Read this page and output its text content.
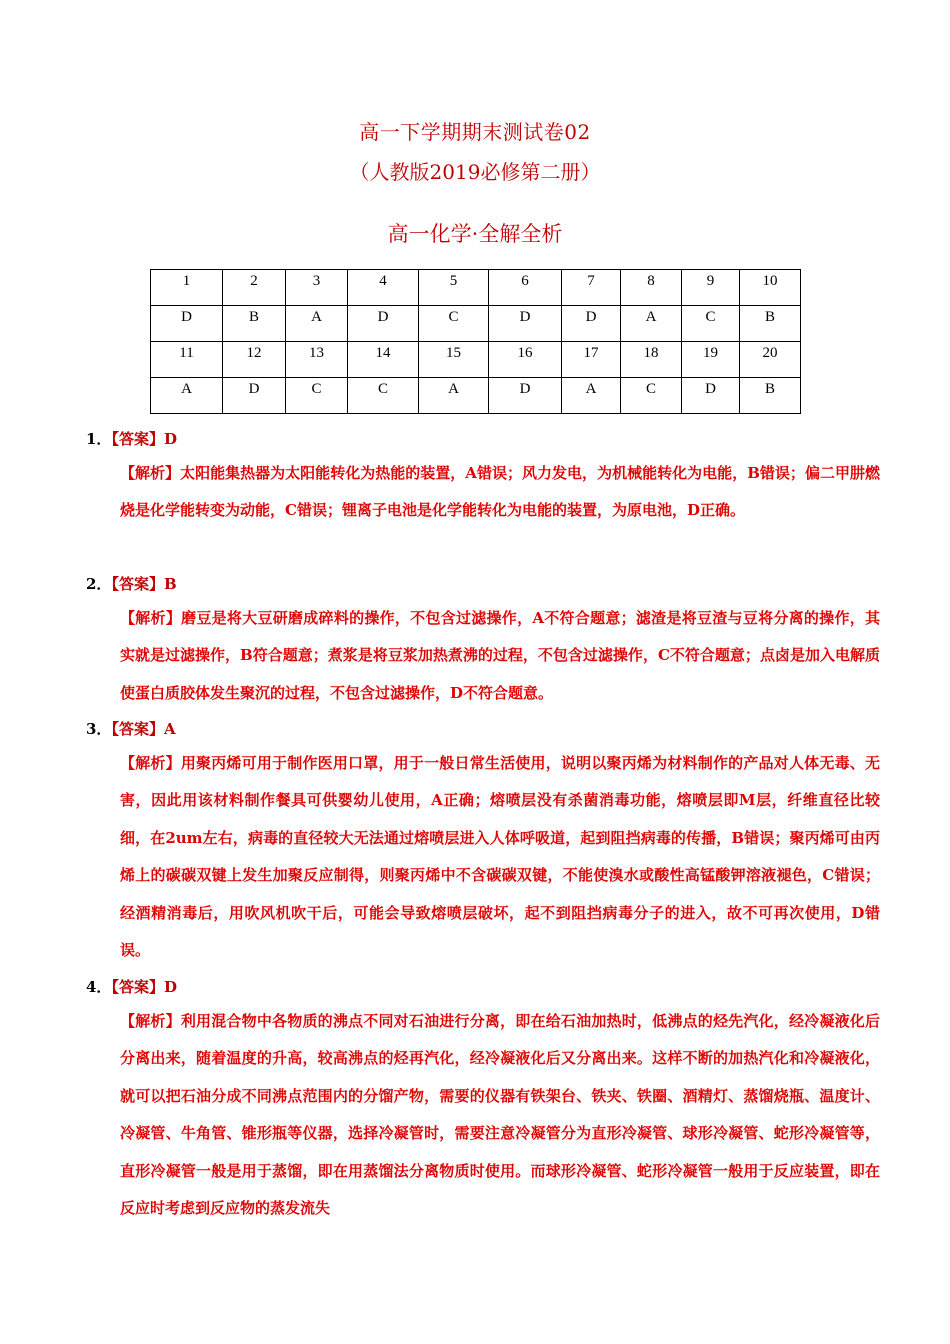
高一下学期期末测试卷02
（人教版2019必修第二册）
高一化学·全解全析
1	2	3	4	5	6	7	8	9	10
D	B	A	D	C	D	D	A	C	B
11	12	13	14	15	16	17	18	19	20
A	D	C	C	A	D	A	C	D	B
1．【答案】D
【解析】太阳能集热器为太阳能转化为热能的装置，A错误；风力发电，为机械能转化为电能，B错误；偏二甲肼燃烧是化学能转变为动能，C错误；锂离子电池是化学能转化为电能的装置，为原电池，D正确。
2．【答案】B
【解析】磨豆是将大豆研磨成碎料的操作，不包含过滤操作，A不符合题意；滤渣是将豆渣与豆将分离的操作，其实就是过滤操作，B符合题意；煮浆是将豆浆加热煮沸的过程，不包含过滤操作，C不符合题意；点卤是加入电解质使蛋白质胶体发生聚沉的过程，不包含过滤操作，D不符合题意。
3．【答案】A
【解析】用聚丙烯可用于制作医用口罩，用于一般日常生活使用，说明以聚丙烯为材料制作的产品对人体无毒、无害，因此用该材料制作餐具可供婴幼儿使用，A正确；熔喷层没有杀菌消毒功能，熔喷层即M层，纤维直径比较细，在2um左右，病毒的直径较大无法通过熔喷层进入人体呼吸道，起到阻挡病毒的传播，B错误；聚丙烯可由丙烯上的碳碳双键上发生加聚反应制得，则聚丙烯中不含碳碳双键，不能使溴水或酸性高锰酸钾溶液褪色，C错误；经酒精消毒后，用吹风机吹干后，可能会导致熔喷层破坏，起不到阻挡病毒分子的进入，故不可再次使用，D错误。
4．【答案】D
【解析】利用混合物中各物质的沸点不同对石油进行分离，即在给石油加热时，低沸点的烃先汽化，经冷凝液化后分离出来，随着温度的升高，较高沸点的烃再汽化，经冷凝液化后又分离出来。这样不断的加热汽化和冷凝液化，就可以把石油分成不同沸点范围内的分馏产物，需要的仪器有铁架台、铁夹、铁圈、酒精灯、蒸馏烧瓶、温度计、冷凝管、牛角管、锥形瓶等仪器，选择冷凝管时，需要注意冷凝管分为直形冷凝管、球形冷凝管、蛇形冷凝管等，直形冷凝管一般是用于蒸馏，即在用蒸馏法分离物质时使用。而球形冷凝管、蛇形冷凝管一般用于反应装置，即在反应时考虑到反应物的蒸发流失
